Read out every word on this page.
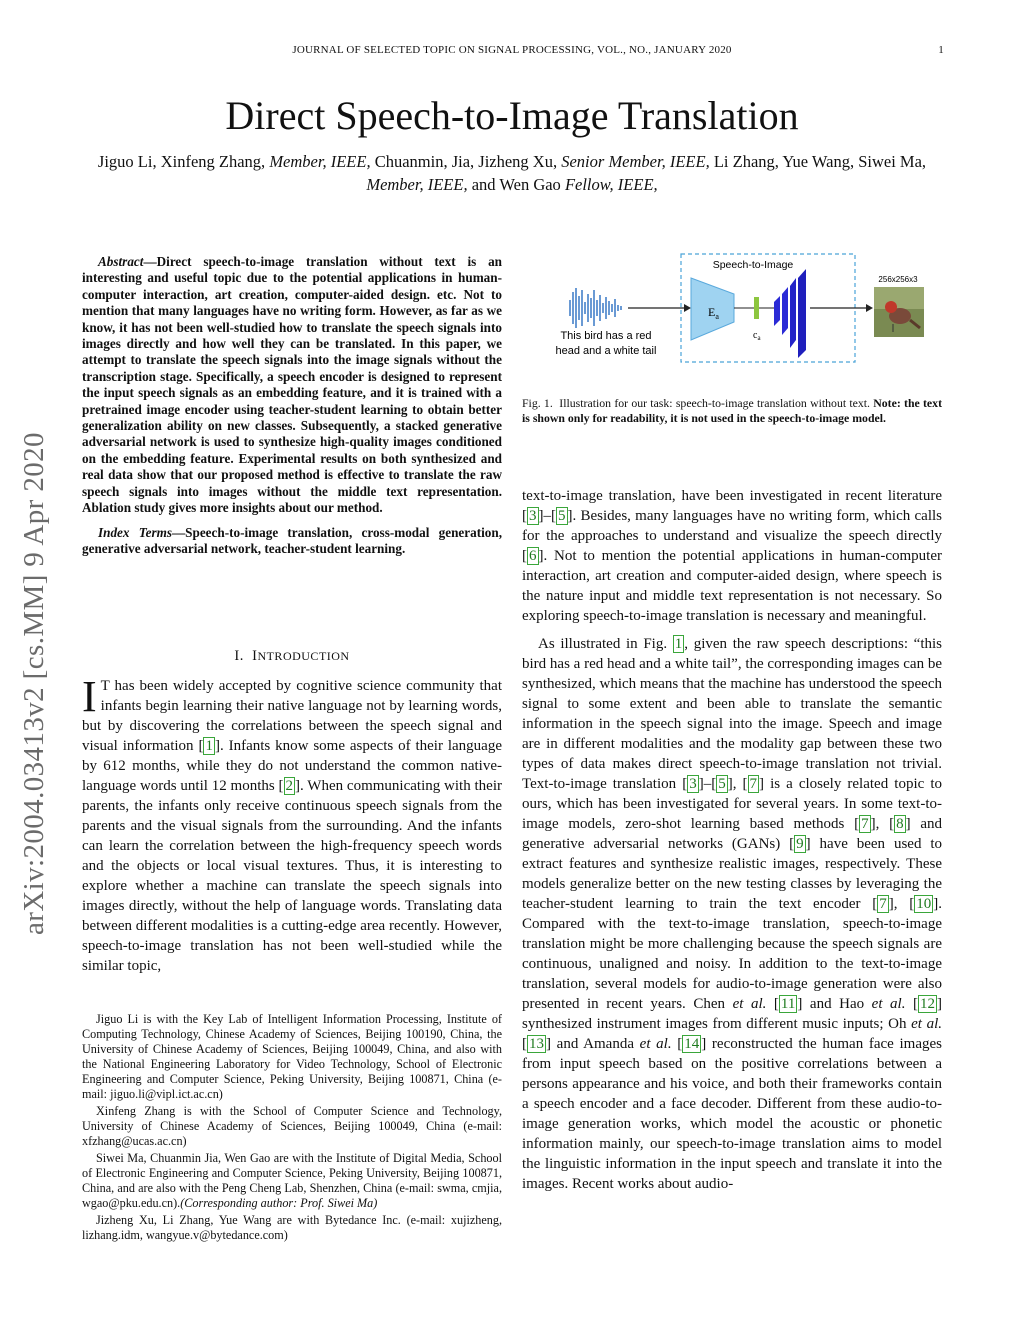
JOURNAL OF SELECTED TOPIC ON SIGNAL PROCESSING, VOL., NO., JANUARY 2020	1
arXiv:2004.03413v2 [cs.MM] 9 Apr 2020
Direct Speech-to-Image Translation
Jiguo Li, Xinfeng Zhang, Member, IEEE, Chuanmin, Jia, Jizheng Xu, Senior Member, IEEE, Li Zhang, Yue Wang, Siwei Ma, Member, IEEE, and Wen Gao Fellow, IEEE,
Abstract—Direct speech-to-image translation without text is an interesting and useful topic due to the potential applications in human-computer interaction, art creation, computer-aided design. etc. Not to mention that many languages have no writing form. However, as far as we know, it has not been well-studied how to translate the speech signals into images directly and how well they can be translated. In this paper, we attempt to translate the speech signals into the image signals without the transcription stage. Specifically, a speech encoder is designed to represent the input speech signals as an embedding feature, and it is trained with a pretrained image encoder using teacher-student learning to obtain better generalization ability on new classes. Subsequently, a stacked generative adversarial network is used to synthesize high-quality images conditioned on the embedding feature. Experimental results on both synthesized and real data show that our proposed method is effective to translate the raw speech signals into images without the middle text representation. Ablation study gives more insights about our method.
Index Terms—Speech-to-image translation, cross-modal generation, generative adversarial network, teacher-student learning.
I. INTRODUCTION
I T has been widely accepted by cognitive science community that infants begin learning their native language not by learning words, but by discovering the correlations between the speech signal and visual information [ 1 ]. Infants know some aspects of their language by 612 months, while they do not understand the common native-language words until 12 months [ 2 ]. When communicating with their parents, the infants only receive continuous speech signals from the parents and the visual signals from the surrounding. And the infants can learn the correlation between the high-frequency speech words and the objects or local visual textures. Thus, it is interesting to explore whether a machine can translate the speech signals into images directly, without the help of language words. Translating data between different modalities is a cutting-edge area recently. However, speech-to-image translation has not been well-studied while the similar topic,

Jiguo Li is with the Key Lab of Intelligent Information Processing, Institute of Computing Technology, Chinese Academy of Sciences, Beijing 100190, China, the University of Chinese Academy of Sciences, Beijing 100049, China, and also with the National Engineering Laboratory for Video Technology, School of Electronic Engineering and Computer Science, Peking University, Beijing 100871, China (e-mail: jiguo.li@vipl.ict.ac.cn)

Xinfeng Zhang is with the School of Computer Science and Technology, University of Chinese Academy of Sciences, Beijing 100049, China (e-mail: xfzhang@ucas.ac.cn)

Siwei Ma, Chuanmin Jia, Wen Gao are with the Institute of Digital Media, School of Electronic Engineering and Computer Science, Peking University, Beijing 100871, China, and are also with the Peng Cheng Lab, Shenzhen, China (e-mail: swma, cmjia, wgao@pku.edu.cn).(Corresponding author: Prof. Siwei Ma)

Jizheng Xu, Li Zhang, Yue Wang are with Bytedance Inc. (e-mail: xujizheng, lizhang.idm, wangyue.v@bytedance.com)

Speech-to-Image
This bird has a red
head and a white tail
$E_a$
$c_a$
256x256x3
Fig. 1. Illustration for our task: speech-to-image translation without text. Note: the text is shown only for readability, it is not used in the speech-to-image model.

text-to-image translation, have been investigated in recent literature [ 3 ]–[ 5 ]. Besides, many languages have no writing form, which calls for the approaches to understand and visualize the speech directly [ 6 ]. Not to mention the potential applications in human-computer interaction, art creation and computer-aided design, where speech is the nature input and middle text representation is not necessary. So exploring speech-to-image translation is necessary and meaningful.

As illustrated in Fig. 1 , given the raw speech descriptions: “this bird has a red head and a white tail”, the corresponding images can be synthesized, which means that the machine has understood the speech signal to some extent and been able to translate the semantic information in the speech signal into the image. Speech and image are in different modalities and the modality gap between these two types of data makes direct speech-to-image translation not trivial. Text-to-image translation [ 3 ]–[ 5 ], [ 7 ] is a closely related topic to ours, which has been investigated for several years. In some text-to-image models, zero-shot learning based methods [ 7 ], [ 8 ] and generative adversarial networks (GANs) [ 9 ] have been used to extract features and synthesize realistic images, respectively. These models generalize better on the new testing classes by leveraging the teacher-student learning to train the text encoder [ 7 ], [ 10 ]. Compared with the text-to-image translation, speech-to-image translation might be more challenging because the speech signals are continuous, unaligned and noisy. In addition to the text-to-image translation, several models for audio-to-image generation were also presented in recent years. Chen et al. [ 11 ] and Hao et al. [ 12 ] synthesized instrument images from different music inputs; Oh et al. [ 13 ] and Amanda et al. [ 14 ] reconstructed the human face images from input speech based on the positive correlations between a persons appearance and his voice, and both their frameworks contain a speech encoder and a face decoder. Different from these audio-to-image generation works, which model the acoustic or phonetic information mainly, our speech-to-image translation aims to model the linguistic information in the input speech and translate it into the images. Recent works about audio-
